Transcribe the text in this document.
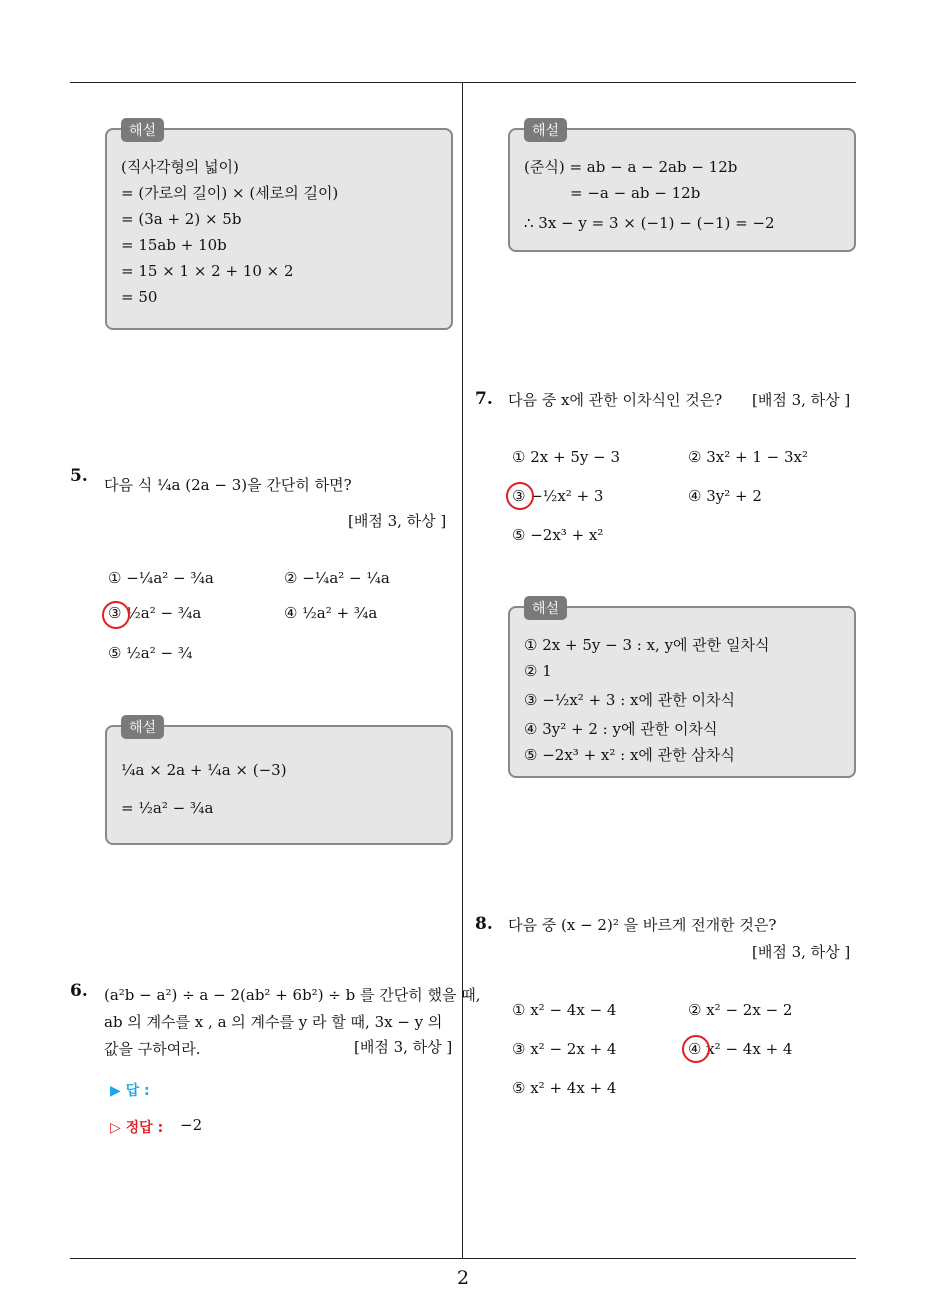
해설
(직사각형의 넓이)
= (가로의 길이) × (세로의 길이)
= (3a + 2) × 5b
= 15ab + 10b
= 15 × 1 × 2 + 10 × 2
= 50
5. 다음 식 ¼a (2a − 3)을 간단히 하면?
[배점 3, 하상 ]
① −¼a² − ¾a	② −¼a² − ¼a
③ ½a² − ¾a	④ ½a² + ¾a
⑤ ½a² − ¾
해설
¼a × 2a + ¼a × (−3)
= ½a² − ¾a
6. (a²b − a²) ÷ a − 2(ab² + 6b²) ÷ b 를 간단히 했을 때,
ab 의 계수를 x , a 의 계수를 y 라 할 때, 3x − y 의
값을 구하여라.	[배점 3, 하상 ]
▶ 답 :
▷ 정답 : −2
해설
(준식) = ab − a − 2ab − 12b
= −a − ab − 12b
∴ 3x − y = 3 × (−1) − (−1) = −2
7. 다음 중 x에 관한 이차식인 것은? [배점 3, 하상 ]
① 2x + 5y − 3	② 3x² + 1 − 3x²
③ −½x² + 3	④ 3y² + 2
⑤ −2x³ + x²
해설
① 2x + 5y − 3 : x, y에 관한 일차식
② 1
③ −½x² + 3 : x에 관한 이차식
④ 3y² + 2 : y에 관한 이차식
⑤ −2x³ + x² : x에 관한 삼차식
8. 다음 중 (x − 2)² 을 바르게 전개한 것은?
[배점 3, 하상 ]
① x² − 4x − 4	② x² − 2x − 2
③ x² − 2x + 4	④ x² − 4x + 4
⑤ x² + 4x + 4
2
